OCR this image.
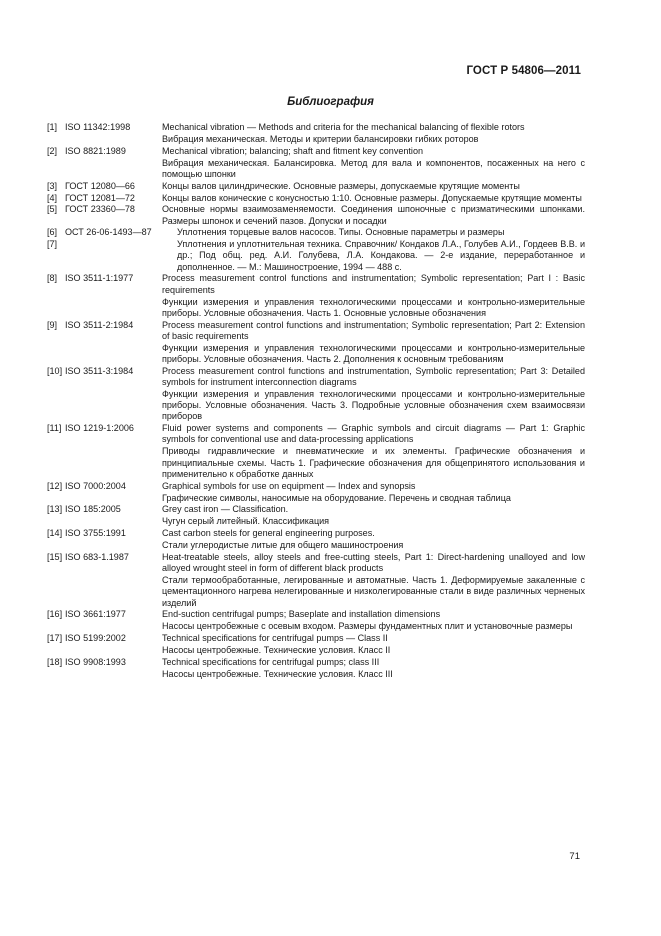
ГОСТ Р 54806—2011
Библиография
[1] ISO 11342:1998	Mechanical vibration — Methods and criteria for the mechanical balancing of flexible rotors

Вибрация механическая. Методы и критерии балансировки гибких роторов

[2] ISO 8821:1989	Mechanical vibration; balancing; shaft and fitment key convention

Вибрация механическая. Балансировка. Метод для вала и компонентов, посаженных на него с помощью шпонки

[3] ГОСТ 12080—66	Концы валов цилиндрические. Основные размеры, допускаемые крутящие моменты

[4] ГОСТ 12081—72	Концы валов конические с конусностью 1:10. Основные размеры. Допускаемые крутящие моменты

[5] ГОСТ 23360—78	Основные нормы взаимозаменяемости. Соединения шпоночные с призматическими шпонками. Размеры шпонок и сечений пазов. Допуски и посадки

[6] ОСТ 26-06-1493—87	Уплотнения торцевые валов насосов. Типы. Основные параметры и размеры

[7]	Уплотнения и уплотнительная техника. Справочник/ Кондаков Л.А., Голубев А.И., Гордеев В.В. и др.; Под общ. ред. А.И. Голубева, Л.А. Кондакова. — 2-е издание, переработанное и дополненное. — М.: Машиностроение, 1994 — 488 с.

[8] ISO 3511-1:1977	Process measurement control functions and instrumentation; Symbolic representation; Part I : Basic requirements

Функции измерения и управления технологическими процессами и контрольно-измерительные приборы. Условные обозначения. Часть 1. Основные условные обозначения

[9] ISO 3511-2:1984	Process measurement control functions and instrumentation; Symbolic representation; Part 2: Extension of basic requirements

Функции измерения и управления технологическими процессами и контрольно-измерительные приборы. Условные обозначения. Часть 2. Дополнения к основным требованиям

[10] ISO 3511-3:1984	Process measurement control functions and instrumentation, Symbolic representation; Part 3: Detailed symbols for instrument interconnection diagrams

Функции измерения и управления технологическими процессами и контрольно-измерительные приборы. Условные обозначения. Часть 3. Подробные условные обозначения схем взаимосвязи приборов

[11] ISO 1219-1:2006	Fluid power systems and components — Graphic symbols and circuit diagrams — Part 1: Graphic symbols for conventional use and data-processing applications

Приводы гидравлические и пневматические и их элементы. Графические обозначения и принципиальные схемы. Часть 1. Графические обозначения для общепринятого использования и применительно к обработке данных

[12] ISO 7000:2004	Graphical symbols for use on equipment — Index and synopsis

Графические символы, наносимые на оборудование. Перечень и сводная таблица

[13] ISO 185:2005	Grey cast iron — Classification.

Чугун серый литейный. Классификация

[14] ISO 3755:1991	Cast carbon steels for general engineering purposes.

Стали углеродистые литые для общего машиностроения

[15] ISO 683-1.1987	Heat-treatable steels, alloy steels and free-cutting steels, Part 1: Direct-hardening unalloyed and low alloyed wrought steel in form of different black products

Стали термообработанные, легированные и автоматные. Часть 1. Деформируемые закаленные с цементационного нагрева нелегированные и низколегированные стали в виде различных черненых изделий

[16] ISO 3661:1977	End-suction centrifugal pumps; Baseplate and installation dimensions

Насосы центробежные с осевым входом. Размеры фундаментных плит и установочные размеры

[17] ISO 5199:2002	Technical specifications for centrifugal pumps — Class II

Насосы центробежные. Технические условия. Класс II

[18] ISO 9908:1993	Technical specifications for centrifugal pumps; class III

Насосы центробежные. Технические условия. Класс III

71
